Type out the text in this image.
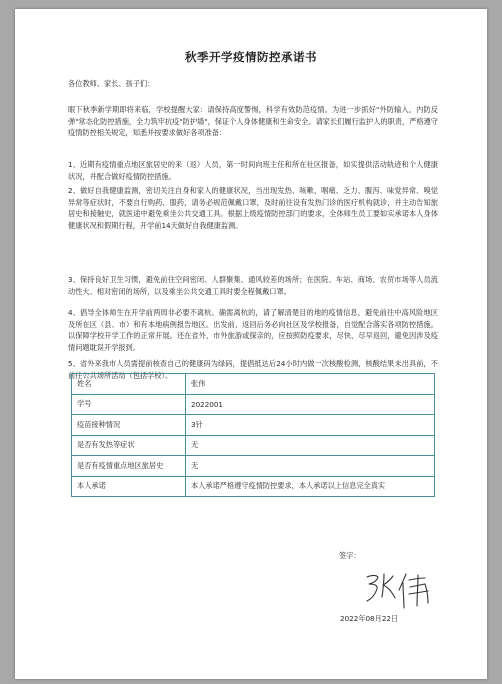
秋季开学疫情防控承诺书
各位教师、家长、孩子们：
眼下秋季新学期即将来临，学校提醒大家：请保持高度警惕，科学有效防范疫情。为进一步抓好"外防输入，内防反弹"常态化防控措施，全力筑牢抗疫"防护墙"，保证个人身体健康和生命安全。请家长们履行监护人的职责，严格遵守疫情防控相关规定，知悉并按要求做好各项准备：
1、近期有疫情重点地区旅居史的来（返）人员，第一时间向班主任和所在社区报备，如实提供活动轨迹和个人健康状况，并配合做好疫情防控措施。
2、做好自我健康监测，密切关注自身和家人的健康状况，当出现发热、咳嗽、咽痛、乏力、腹泻、味觉异常、嗅觉异常等症状时，不要自行购药、服药，请务必规范佩戴口罩，及时前往设有发热门诊的医疗机构就诊，并主动告知旅居史和接触史，就医途中避免乘坐公共交通工具。根据上级疫情防控部门的要求，全体师生员工要如实承诺本人身体健康状况和假期行程，开学前14天做好自我健康监测。
3、保持良好卫生习惯，避免前往空间密闭、人群聚集、通风较差的场所；在医院、车站、商场、农贸市场等人员流动性大、相对密闭的场所，以及乘坐公共交通工具时要全程佩戴口罩。
4、倡导全体师生在开学前两周非必要不离杭。确需离杭的，请了解清楚目的地的疫情信息，避免前往中高风险地区及所在区（县、市）和有本地病例报告地区。出发前、返回后务必向社区及学校报备，自觉配合落实各项防控措施。以保障学校开学工作的正常开展。还在省外、市外旅游或探亲的，应按照防疫要求，尽快、尽早返回，避免因涉及疫情问题耽误开学报到。
5、省外来我市人员需提前核查自己的健康码为绿码，提倡抵达后24小时内做一次核酸检测，核酸结果未出具前，不前往公共场所活动（包括学校）。
姓名	张伟
学号	2022001
疫苗接种情况	3针
是否有发热等症状	无
是否有疫情重点地区旅居史	无
本人承诺	本人承诺严格遵守疫情防控要求，本人承诺以上信息完全真实
签字：
2022年08月22日
